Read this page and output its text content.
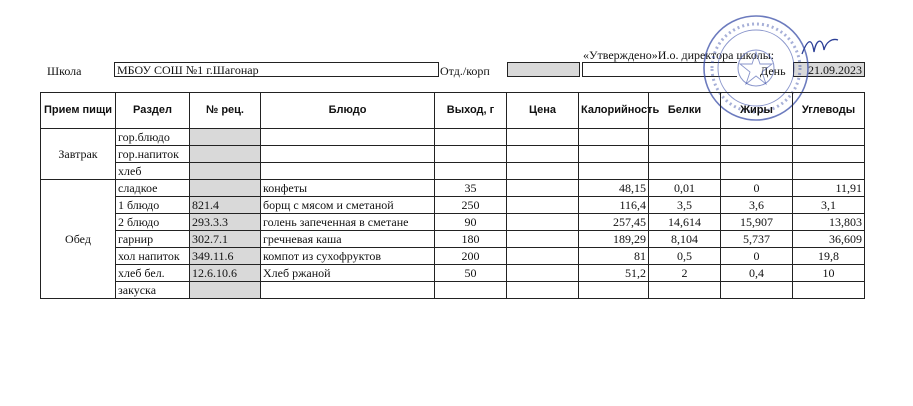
Школа	МБОУ СОШ №1 г.Шагонар	Отд./корп
«Утверждено»И.о. директора школы:
День	21.09.2023
Прием пищи	Раздел	№ рец.	Блюдо	Выход, г	Цена	Калорийность	Белки	Жиры	Углеводы
Завтрак	гор.блюдо								
	гор.напиток								
	хлеб								
Обед	сладкое		конфеты	35		48,15	0,01	0	11,91
	1 блюдо	821.4	борщ с мясом и сметаной	250		116,4	3,5	3,6	3,1
	2 блюдо	293.3.3	голень запеченная в сметане	90		257,45	14,614	15,907	13,803
	гарнир	302.7.1	гречневая каша	180		189,29	8,104	5,737	36,609
	хол напиток	349.11.6	компот из сухофруктов	200		81	0,5	0	19,8
	хлеб бел.	12.6.10.6	Хлеб ржаной	50		51,2	2	0,4	10
	закуска								
